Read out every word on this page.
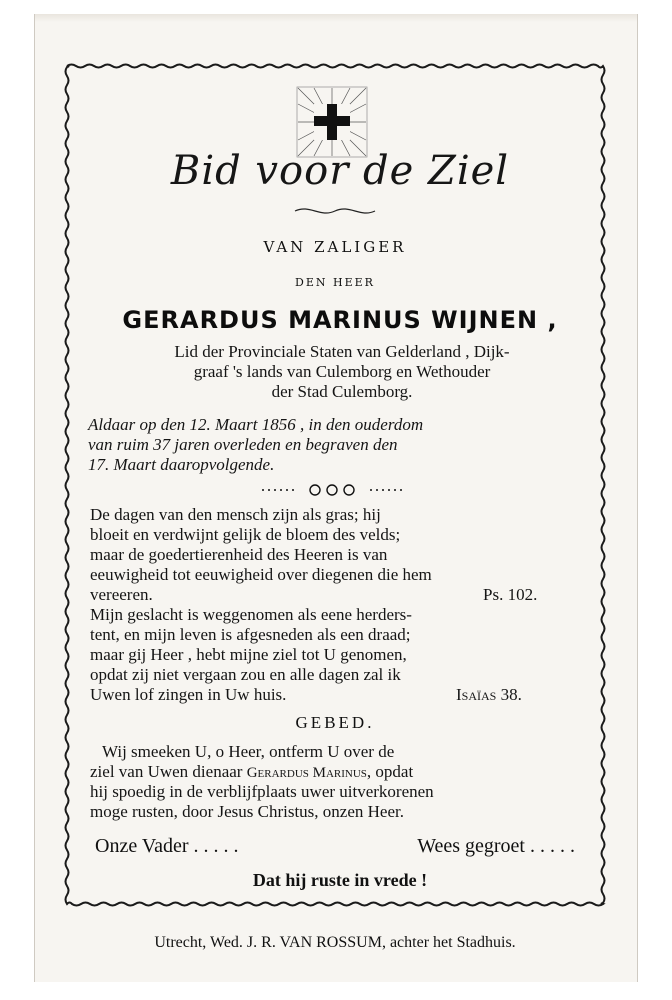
Bid voor de Ziel
VAN ZALIGER
DEN HEER
GERARDUS MARINUS WIJNEN ,
Lid der Provinciale Staten van Gelderland , Dijk-
graaf 's lands van Culemborg en Wethouder
der Stad Culemborg.
Aldaar op den 12. Maart 1856 , in den ouderdom
van ruim 37 jaren overleden en begraven den
17. Maart daaropvolgende.
De dagen van den mensch zijn als gras; hij
bloeit en verdwijnt gelijk de bloem des velds;
maar de goedertierenheid des Heeren is van
eeuwigheid tot eeuwigheid over diegenen die hem
vereeren.	Ps. 102.
Mijn geslacht is weggenomen als eene herders-
tent, en mijn leven is afgesneden als een draad;
maar gij Heer , hebt mijne ziel tot U genomen,
opdat zij niet vergaan zou en alle dagen zal ik
Uwen lof zingen in Uw huis.	Isaïas 38.
GEBED.
Wij smeeken U, o Heer, ontferm U over de
ziel van Uwen dienaar Gerardus Marinus, opdat
hij spoedig in de verblijfplaats uwer uitverkorenen
moge rusten, door Jesus Christus, onzen Heer.
Onze Vader . . . . .	Wees gegroet . . . . .
Dat hij ruste in vrede !
Utrecht, Wed. J. R. VAN ROSSUM, achter het Stadhuis.
